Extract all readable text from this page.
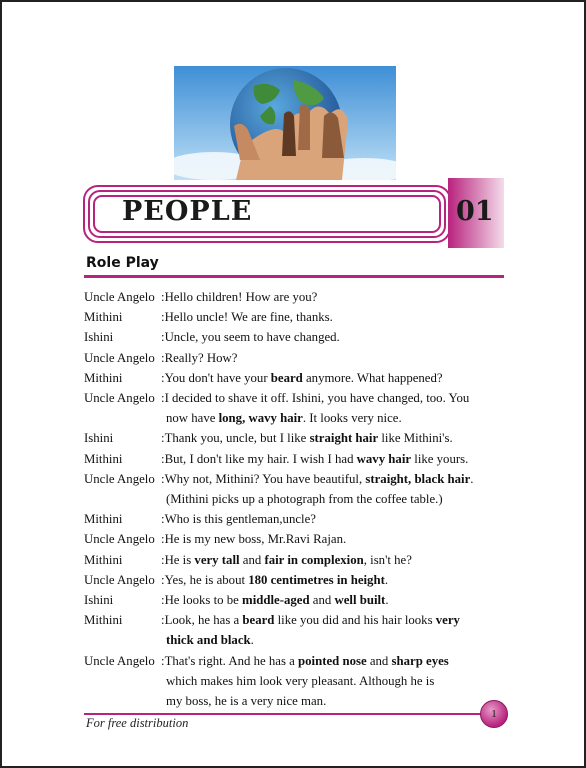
PEOPLE	01
Role Play
Uncle Angelo : Hello children! How are you?
Mithini	: Hello uncle! We are fine, thanks.
Ishini	: Uncle, you seem to have changed.
Uncle Angelo : Really? How?
Mithini	: You don't have your beard anymore. What happened?
Uncle Angelo : I decided to shave it off. Ishini, you have changed, too. You
now have long, wavy hair. It looks very nice.
Ishini	: Thank you, uncle, but I like straight hair like Mithini's.
Mithini	: But, I don't like my hair. I wish I had wavy hair like yours.
Uncle Angelo : Why not, Mithini? You have beautiful, straight, black hair.
(Mithini picks up a photograph from the coffee table.)
Mithini	: Who is this gentleman,uncle?
Uncle Angelo : He is my new boss, Mr.Ravi Rajan.
Mithini	: He is very tall and fair in complexion, isn't he?
Uncle Angelo : Yes, he is about 180 centimetres in height.
Ishini	: He looks to be middle-aged and well built.
Mithini	: Look, he has a beard like you did and his hair looks very
thick and black.
Uncle Angelo : That's right. And he has a pointed nose and sharp eyes
which makes him look very pleasant. Although he is
my boss, he is a very nice man.
For free distribution
1
